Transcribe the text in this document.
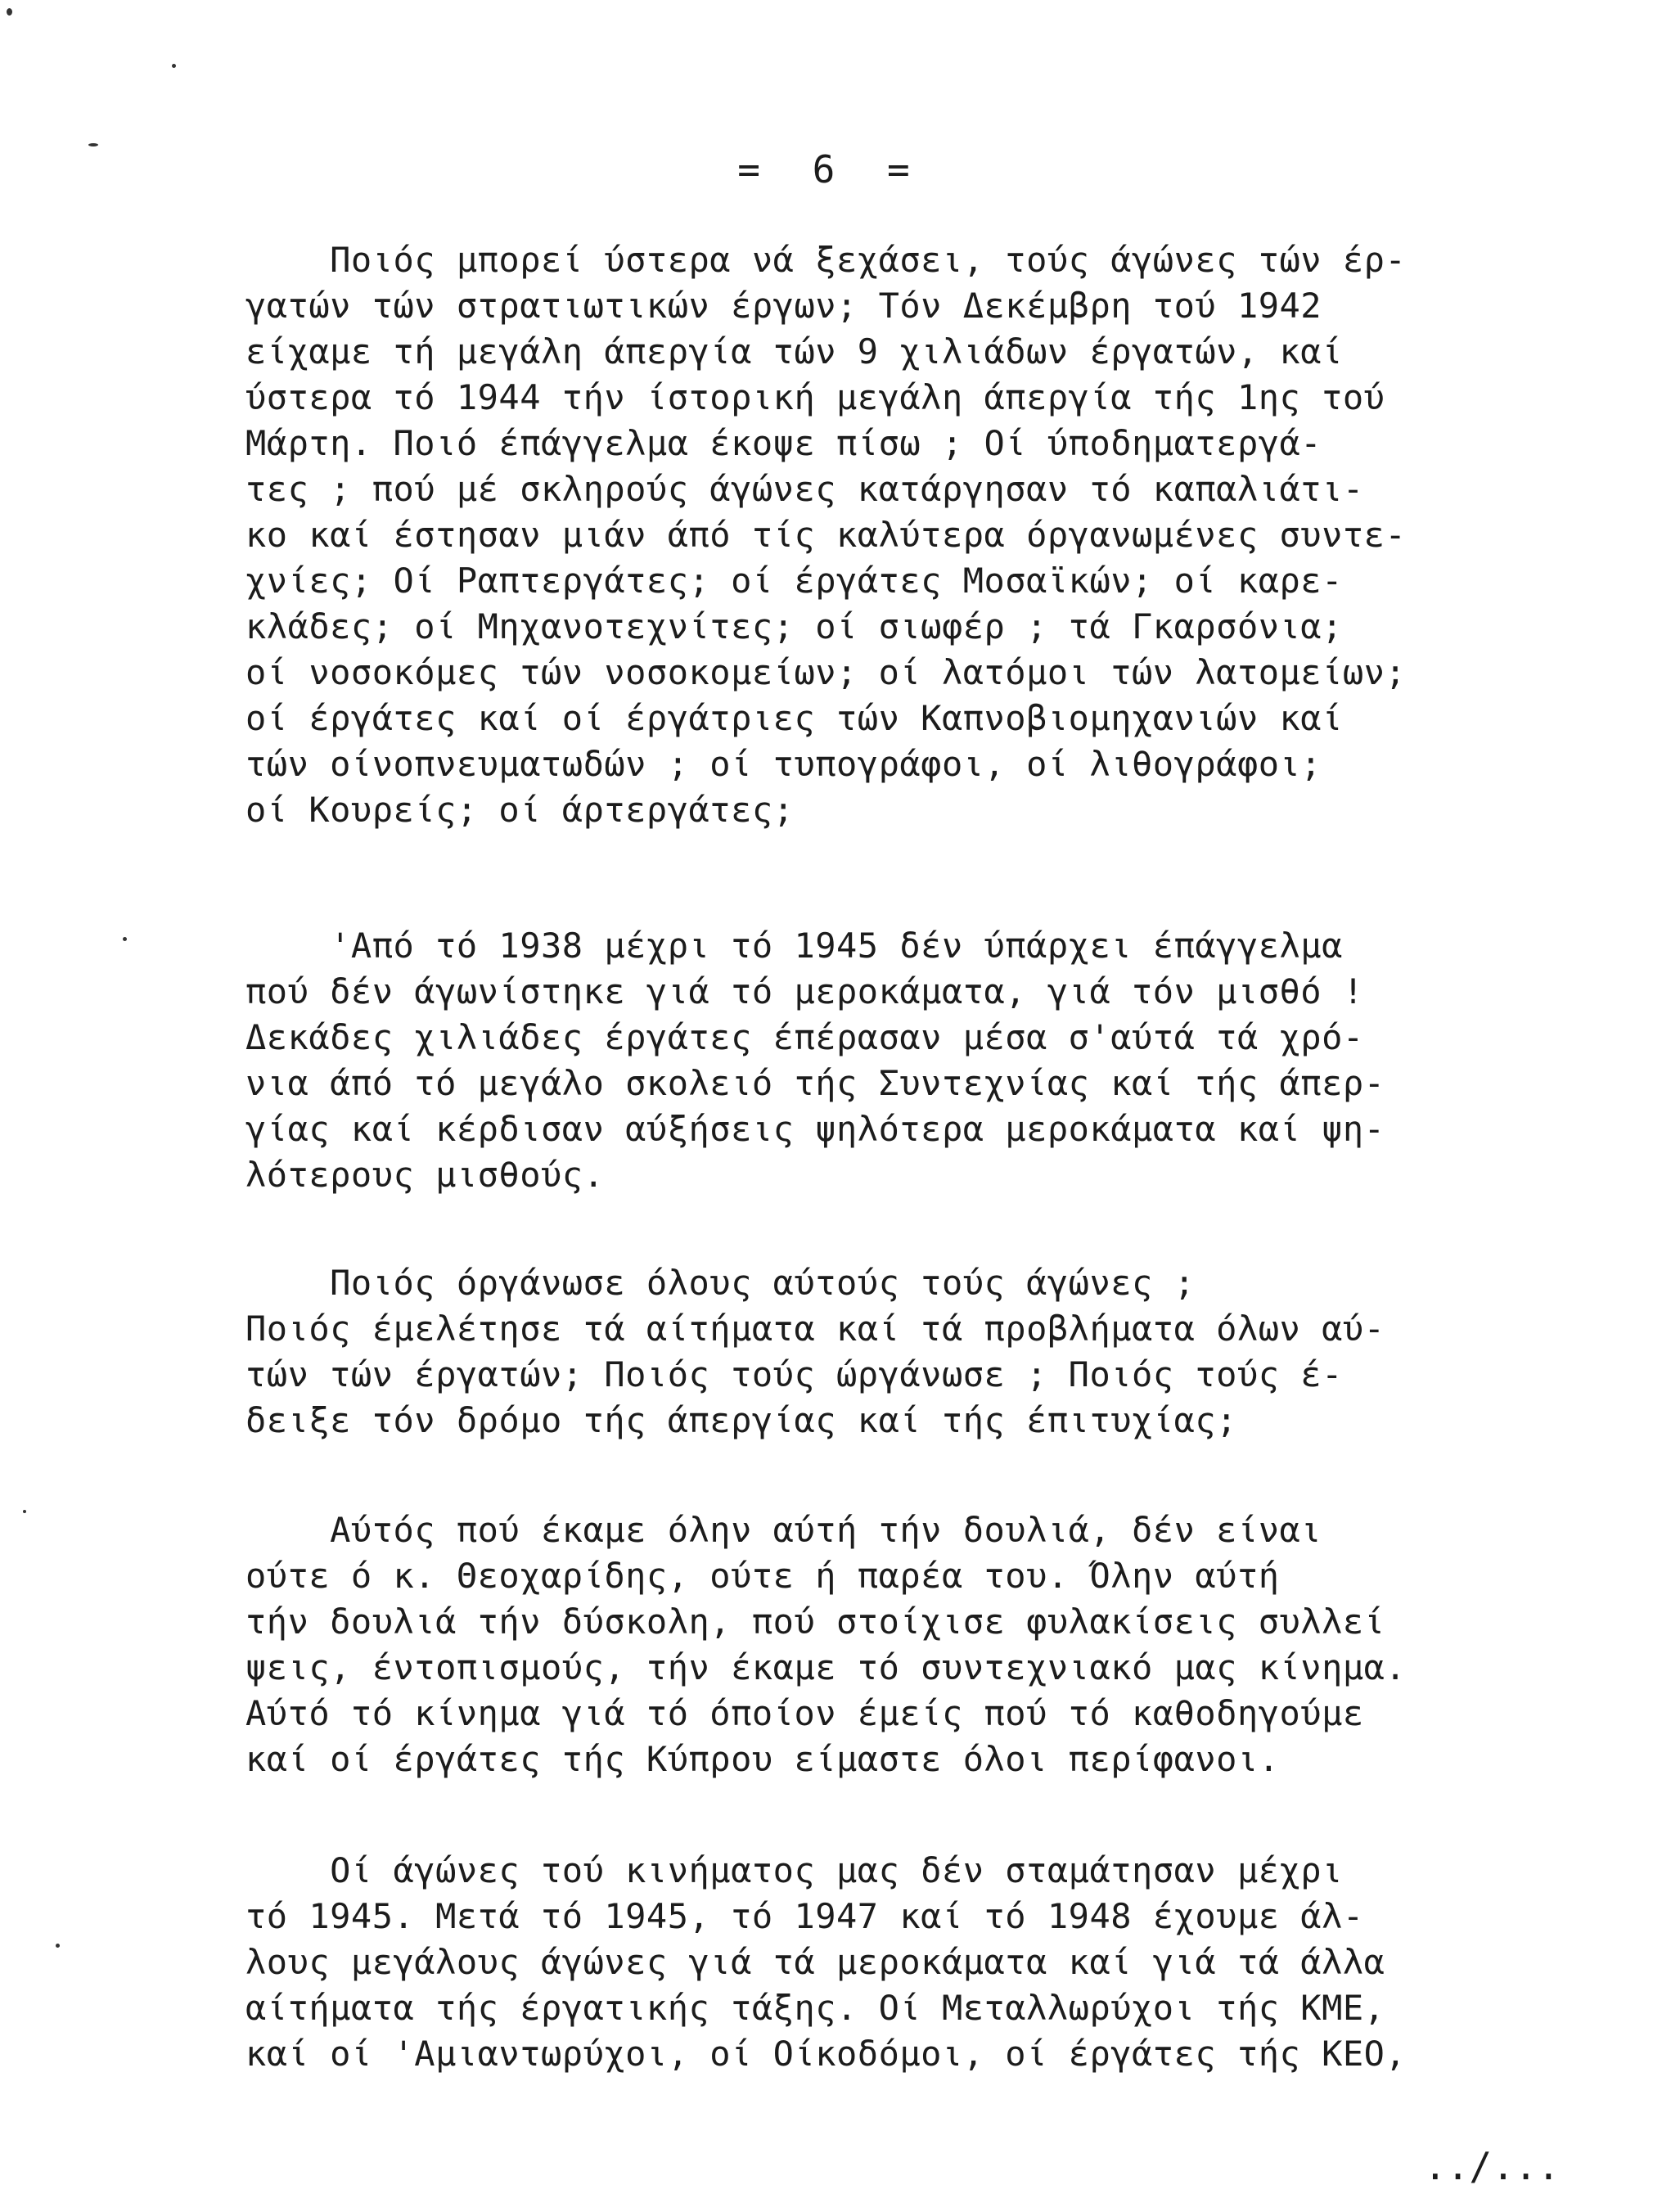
= 6 =
Ποιός μπορεί ύστερα νά ξεχάσει, τούς άγώνες τών έρ-
γατών τών στρατιωτικών έργων; Τόν Δεκέμβρη τού 1942
είχαμε τή μεγάλη άπεργία τών 9 χιλιάδων έργατών, καί
ύστερα τό 1944 τήν ίστορική μεγάλη άπεργία τής 1ης τού
Μάρτη. Ποιό έπάγγελμα έκοψε πίσω ; Οί ύποδηματεργά-
τες ; πού μέ σκληρούς άγώνες κατάργησαν τό καπαλιάτι-
κο καί έστησαν μιάν άπό τίς καλύτερα όργανωμένες συντε-
χνίες; Οί Ραπτεργάτες; οί έργάτες Μοσαϊκών; οί καρε-
κλάδες; οί Μηχανοτεχνίτες; οί σιωφέρ ; τά Γκαρσόνια;
οί νοσοκόμες τών νοσοκομείων; οί λατόμοι τών λατομείων;
οί έργάτες καί οί έργάτριες τών Καπνοβιομηχανιών καί
τών οίνοπνευματωδών ; οί τυπογράφοι, οί λιθογράφοι;
οί Κουρείς; οί άρτεργάτες;
'Από τό 1938 μέχρι τό 1945 δέν ύπάρχει έπάγγελμα
πού δέν άγωνίστηκε γιά τό μεροκάματα, γιά τόν μισθό !
Δεκάδες χιλιάδες έργάτες έπέρασαν μέσα σ'αύτά τά χρό-
νια άπό τό μεγάλο σκολειό τής Συντεχνίας καί τής άπερ-
γίας καί κέρδισαν αύξήσεις ψηλότερα μεροκάματα καί ψη-
λότερους μισθούς.
Ποιός όργάνωσε όλους αύτούς τούς άγώνες ;
Ποιός έμελέτησε τά αίτήματα καί τά προβλήματα όλων αύ-
τών τών έργατών; Ποιός τούς ώργάνωσε ; Ποιός τούς έ-
δειξε τόν δρόμο τής άπεργίας καί τής έπιτυχίας;
Αύτός πού έκαμε όλην αύτή τήν δουλιά, δέν είναι
ούτε ό κ. Θεοχαρίδης, ούτε ή παρέα του. Όλην αύτή
τήν δουλιά τήν δύσκολη, πού στοίχισε φυλακίσεις συλλεί
ψεις, έντοπισμούς, τήν έκαμε τό συντεχνιακό μας κίνημα.
Αύτό τό κίνημα γιά τό όποίον έμείς πού τό καθοδηγούμε
καί οί έργάτες τής Κύπρου είμαστε όλοι περίφανοι.
Οί άγώνες τού κινήματος μας δέν σταμάτησαν μέχρι
τό 1945. Μετά τό 1945, τό 1947 καί τό 1948 έχουμε άλ-
λους μεγάλους άγώνες γιά τά μεροκάματα καί γιά τά άλλα
αίτήματα τής έργατικής τάξης. Οί Μεταλλωρύχοι τής ΚΜΕ,
καί οί 'Αμιαντωρύχοι, οί Οίκοδόμοι, οί έργάτες τής ΚΕΟ,
../...
